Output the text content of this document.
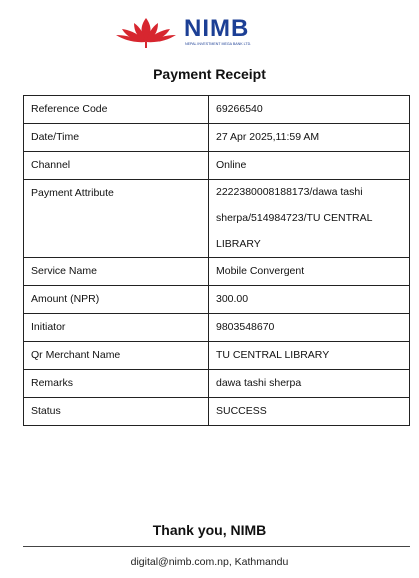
NIMB
NEPAL INVESTMENT MEGA BANK LTD.
Payment Receipt
Reference Code	69266540
Date/Time	27 Apr 2025,11:59 AM
Channel	Online
Payment Attribute	2222380008188173/dawa tashi sherpa/514984723/TU CENTRAL LIBRARY
Service Name	Mobile Convergent
Amount (NPR)	300.00
Initiator	9803548670
Qr Merchant Name	TU CENTRAL LIBRARY
Remarks	dawa tashi sherpa
Status	SUCCESS
Thank you, NIMB
digital@nimb.com.np, Kathmandu
